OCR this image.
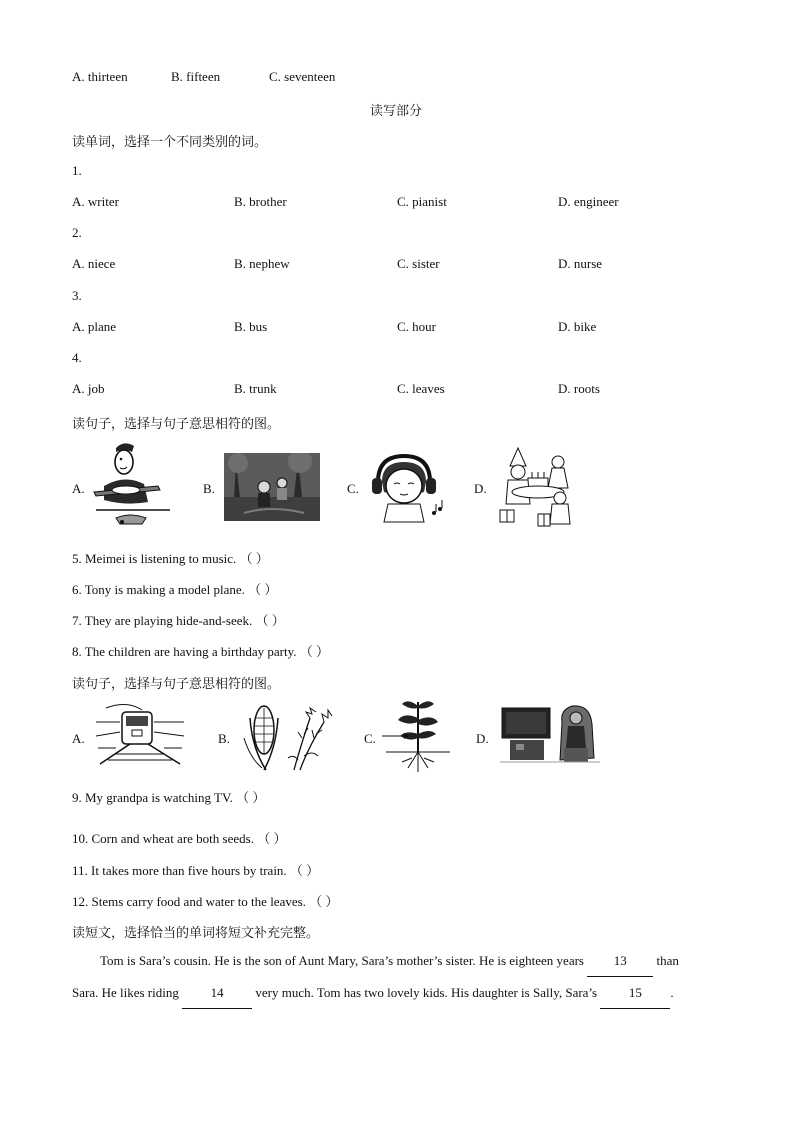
A. thirteen	B. fifteen	C. seventeen
读写部分
读单词，选择一个不同类别的词。
1.
A. writer	B. brother	C. pianist	D. engineer
2.
A. niece	B. nephew	C. sister	D. nurse
3.
A. plane	B. bus	C. hour	D. bike
4.
A. job	B. trunk	C. leaves	D. roots
读句子，选择与句子意思相符的图。
A.	B.	C.	D.
5. Meimei is listening to music. （ ）
6. Tony is making a model plane. （ ）
7. They are playing hide-and-seek. （ ）
8. The children are having a birthday party. （ ）
读句子，选择与句子意思相符的图。
A.	B.	C.	D.
9. My grandpa is watching TV. （ ）
10. Corn and wheat are both seeds. （ ）
11. It takes more than five hours by train. （ ）
12. Stems carry food and water to the leaves. （ ）
读短文，选择恰当的单词将短文补充完整。
Tom is Sara’s cousin. He is the son of Aunt Mary, Sara’s mother’s sister. He is eighteen years 13 than
Sara. He likes riding 14 very much. Tom has two lovely kids. His daughter is Sally, Sara’s 15 .
